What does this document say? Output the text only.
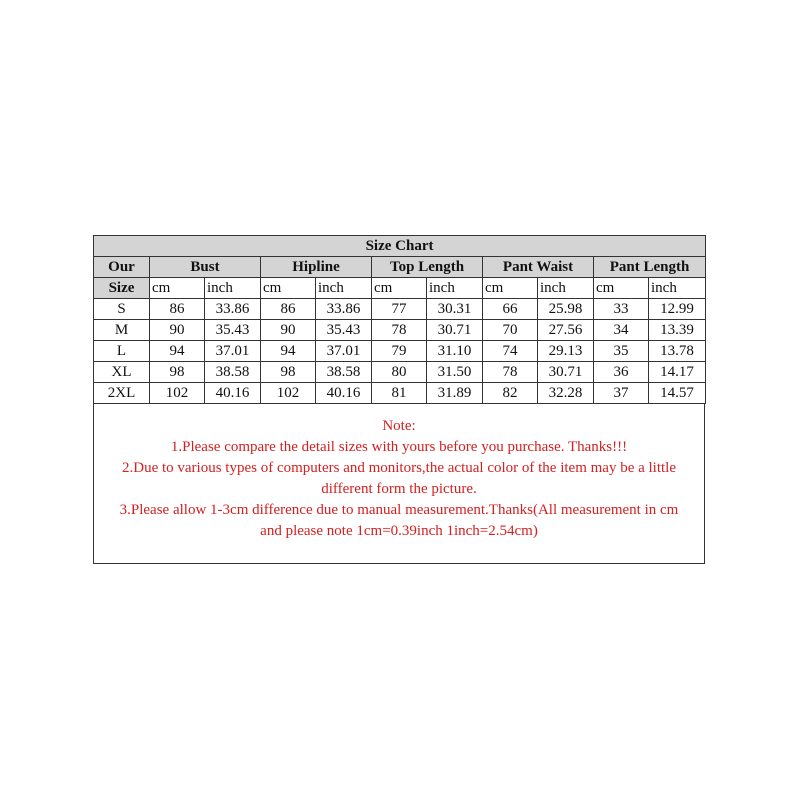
Size Chart										
Our	Bust		Hipline		Top Length		Pant Waist		Pant Length	
Size	cm	inch	cm	inch	cm	inch	cm	inch	cm	inch
S	86	33.86	86	33.86	77	30.31	66	25.98	33	12.99
M	90	35.43	90	35.43	78	30.71	70	27.56	34	13.39
L	94	37.01	94	37.01	79	31.10	74	29.13	35	13.78
XL	98	38.58	98	38.58	80	31.50	78	30.71	36	14.17
2XL	102	40.16	102	40.16	81	31.89	82	32.28	37	14.57
Note:
1.Please compare the detail sizes with yours before you purchase. Thanks!!!
2.Due to various types of computers and monitors,the actual color of the item may be a little
different form the picture.
3.Please allow 1-3cm difference due to manual measurement.Thanks(All measurement in cm
and please note 1cm=0.39inch 1inch=2.54cm)
